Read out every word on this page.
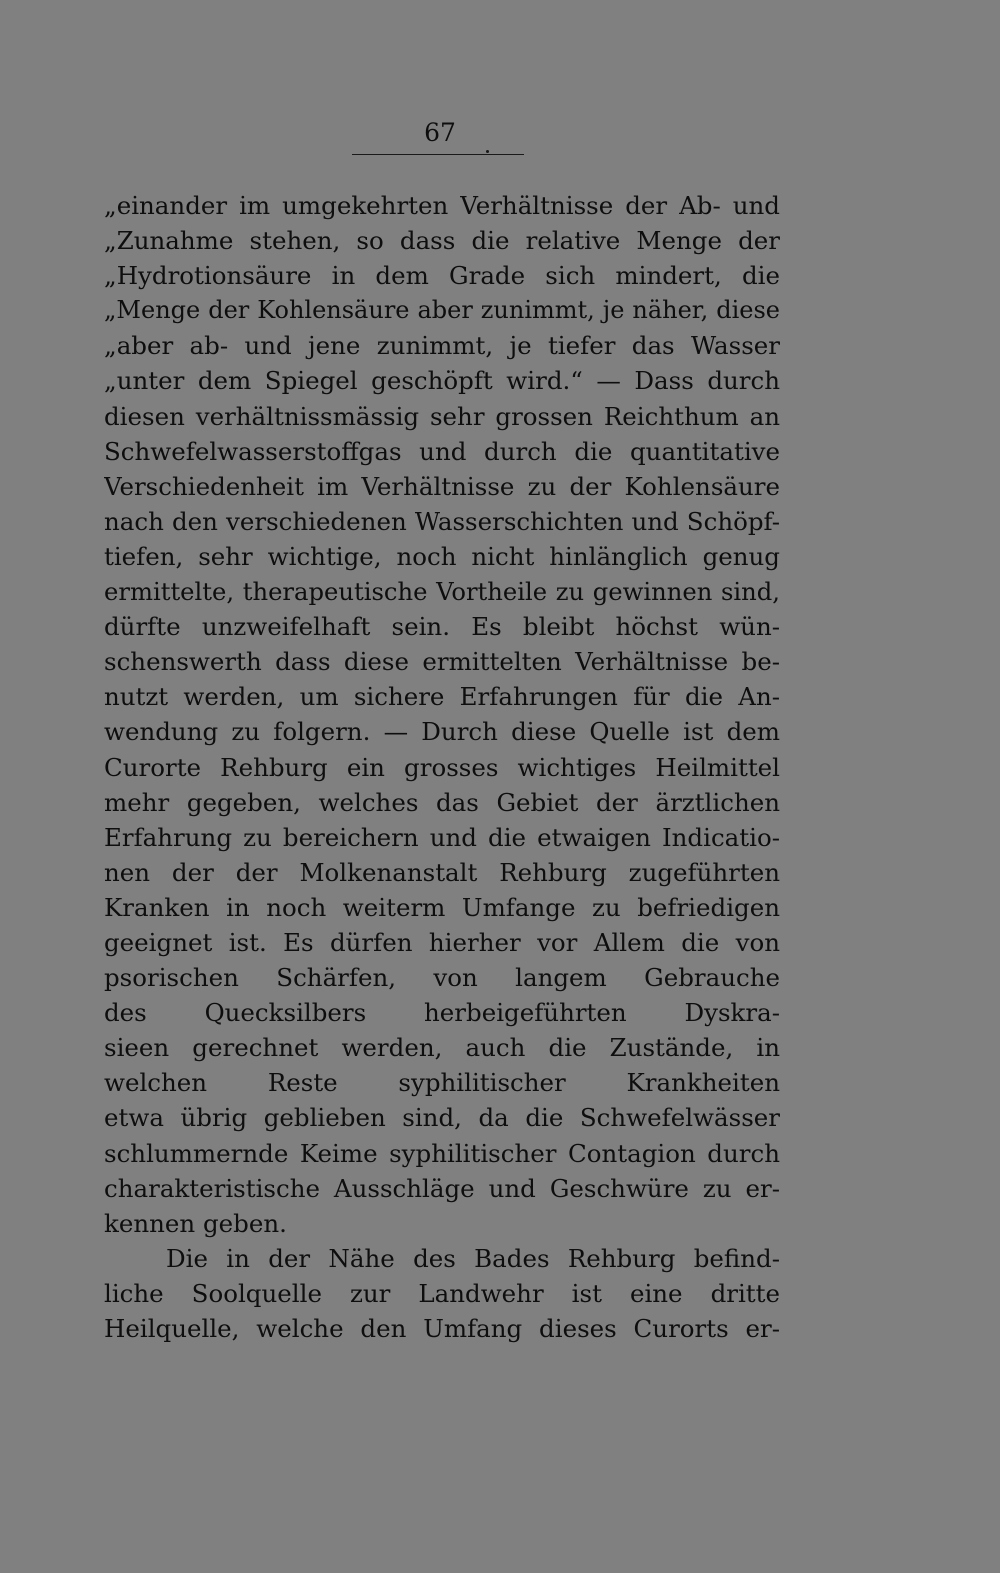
67
„einander im umgekehrten Verhältnisse der Ab- und
„Zunahme stehen, so dass die relative Menge der
„Hydrotionsäure in dem Grade sich mindert, die
„Menge der Kohlensäure aber zunimmt, je näher, diese
„aber ab- und jene zunimmt, je tiefer das Wasser
„unter dem Spiegel geschöpft wird.“ — Dass durch
diesen verhältnissmässig sehr grossen Reichthum an
Schwefelwasserstoffgas und durch die quantitative
Verschiedenheit im Verhältnisse zu der Kohlensäure
nach den verschiedenen Wasserschichten und Schöpf-
tiefen, sehr wichtige, noch nicht hinlänglich genug
ermittelte, therapeutische Vortheile zu gewinnen sind,
dürfte unzweifelhaft sein. Es bleibt höchst wün-
schenswerth dass diese ermittelten Verhältnisse be-
nutzt werden, um sichere Erfahrungen für die An-
wendung zu folgern. — Durch diese Quelle ist dem
Curorte Rehburg ein grosses wichtiges Heilmittel
mehr gegeben, welches das Gebiet der ärztlichen
Erfahrung zu bereichern und die etwaigen Indicatio-
nen der der Molkenanstalt Rehburg zugeführten
Kranken in noch weiterm Umfange zu befriedigen
geeignet ist. Es dürfen hierher vor Allem die von
psorischen Schärfen, von langem Gebrauche
des Quecksilbers herbeigeführten Dyskra-
sieen gerechnet werden, auch die Zustände, in
welchen Reste syphilitischer Krankheiten
etwa übrig geblieben sind, da die Schwefelwässer
schlummernde Keime syphilitischer Contagion durch
charakteristische Ausschläge und Geschwüre zu er-
kennen geben.
Die in der Nähe des Bades Rehburg befind-
liche Soolquelle zur Landwehr ist eine dritte
Heilquelle, welche den Umfang dieses Curorts er-
